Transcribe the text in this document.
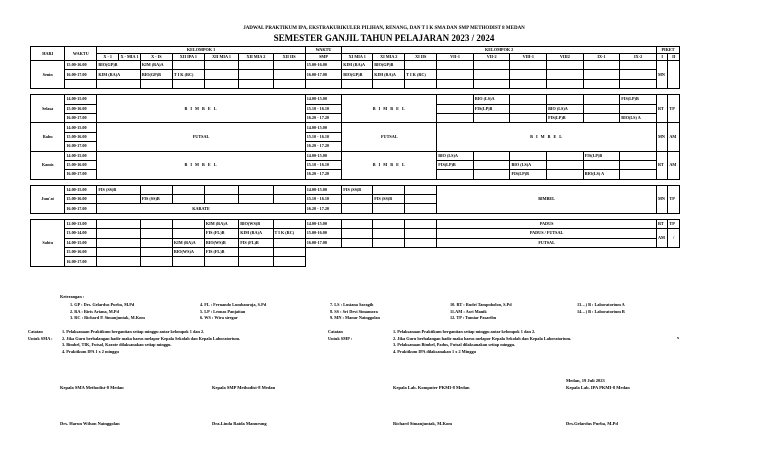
JADWAL PRAKTIKUM IPA, EKSTRAKURIKULER PILIHAN, RENANG, DAN T I K SMA DAN SMP METHODIST 8 MEDAN
SEMESTER GANJIL TAHUN PELAJARAN 2023 / 2024
HARI	WAKTU	KELOMPOK 1							WAKTU	KELOMPOK 2									PIKET	
		X - 1	X - MIA 1	X - IS	XII IPA 1	XII MIA 1	XII MIA 2	XII IIS	SMP	XI MIA 1	XI MIA 2	XI IIS	VII-1	VII-2	VIII-1	VIII2	IX-1	IX-2	I	II
Senin	15.00-16.00	BIO(GP)B		KIM (RA)A					15.00-16.00	KIM (RA)A	BIO(GP)B								MN	
	16.00-17.00	KIM (RA)A		BIO(GP)B	T I K (RC)				16.00-17.00	BIO(GP)B	KIM (RA)A	T I K (RC)								

Selasa	14.00-15.00	B I M B E L							14.00-15.00	B I M B E L				BIO (LS)A				FIS(LP)B	RT	TP
	15.00-16.00								15.10 - 16.10					FIS(LP)B		BIO (LS)A				
	16.00-17.00								16.20 - 17.20							FIS(LP)B		BIO(LS) A		
Rabu	14.00-15.00	FUTSAL							14.00-15.00	FUTSAL			B I M B E L						MN	AM
	15.00-16.00								15.10 - 16.10											
	16.00-17.00								16.20 - 17.20											
Kamis	14.00-15.00	B I M B E L							14.00-15.00	B I M B E L			BIO (LS)A				FIS(LP)B		RT	AM
	15.00-16.00								15.10 - 16.10				FIS(LP)B		BIO (LS)A					
	16.00-17.00								16.20 - 17.20						FIS(LP)B		BIO(LS) A			

Jum'at	14.00-15.00	FIS (SS)B							14.00-15.00	FIS (SS)B			BIMBEL						MN	TP
	15.00-16.00			FIS (SS)B					15.10 - 16.10		FIS (SS)B									
	16.00-17.00	KARATE							16.20 - 17.20											

Sabtu	12.00-13.00					KIM (RA)A	BIO(WS)B		14.00-15.00				PADUS						RT	TP
	13.00-14.00					FIS (FL)B	KIM (RA)A	T I K (RC)	15.00-16.00				PADUS / FUTSAL						AM	/
	14.00-15.00				KIM (RA)A	BIO(WS)B	FIS (FL)B		16.00-17.00				FUTSAL							
	15.00-16.00				BIO(WS)A	FIS (FL)B														
	16.00-17.00																			
Keterangan :
1. GP : Drs. Gelardus Purba, M.Pd
2. RA : Riris Ariana, M.Pd
3. RC : Richard P. Simanjuntak, M.Kom
4. FL : Fernando Lumbanraja, S.Pd
5. LP : Leonas Panjaitan
6. WS : Wira siregar
7. LS : Lusiana Saragih
8. SS : Sri Devi Simamora
9. MN : Manur Nainggolan
10. RT : Rudri Tampubolon, S.Pd
11.AM : Asri Manik
12. TP : Tumiar Pasaribu
13…) B : Laboratorium A
14…) B : Laboratorium B
Catatan
Untuk SMA :
1. Pelaksanaan Praktikum bergantian setiap minggu antar kelompok 1 dan 2.
2. Jika Guru berhalangan hadir maka harus melapor Kepala Sekolah dan Kepala Laboratorium.
3. Bimbel, TIK, Futsal, Karate dilaksanakan setiap minggu.
4. Praktikum IPA 1 x 2 minggu
Catatan
Untuk SMP :
1. Pelaksanaan Praktikum bergantian setiap minggu antar kelompok 1 dan 2.
2. Jika Guru berhalangan hadir maka harus melapor Kepala Sekolah dan Kepala Laboratorium.
3. Pelaksanaan Bimbel, Padus, Futsal dilaksanakan setiap minggu.
4. Praktikum IPA dilaksanakan 1 x 2 Minggu
x
Medan, 19 Juli 2023
Kepala SMA Methodist-8 Medan	Kepala SMP Methodist-8 Medan	Kepala Lab. Komputer PKMI-8 Medan	Kepala Lab. IPA PKMI-8 Medan
Drs. Harun Wilson Nainggolan	Dra.Linda Raida Manurung	Richard Simanjuntak, M.Kom	Drs.Gelardus Purba, M.Pd
